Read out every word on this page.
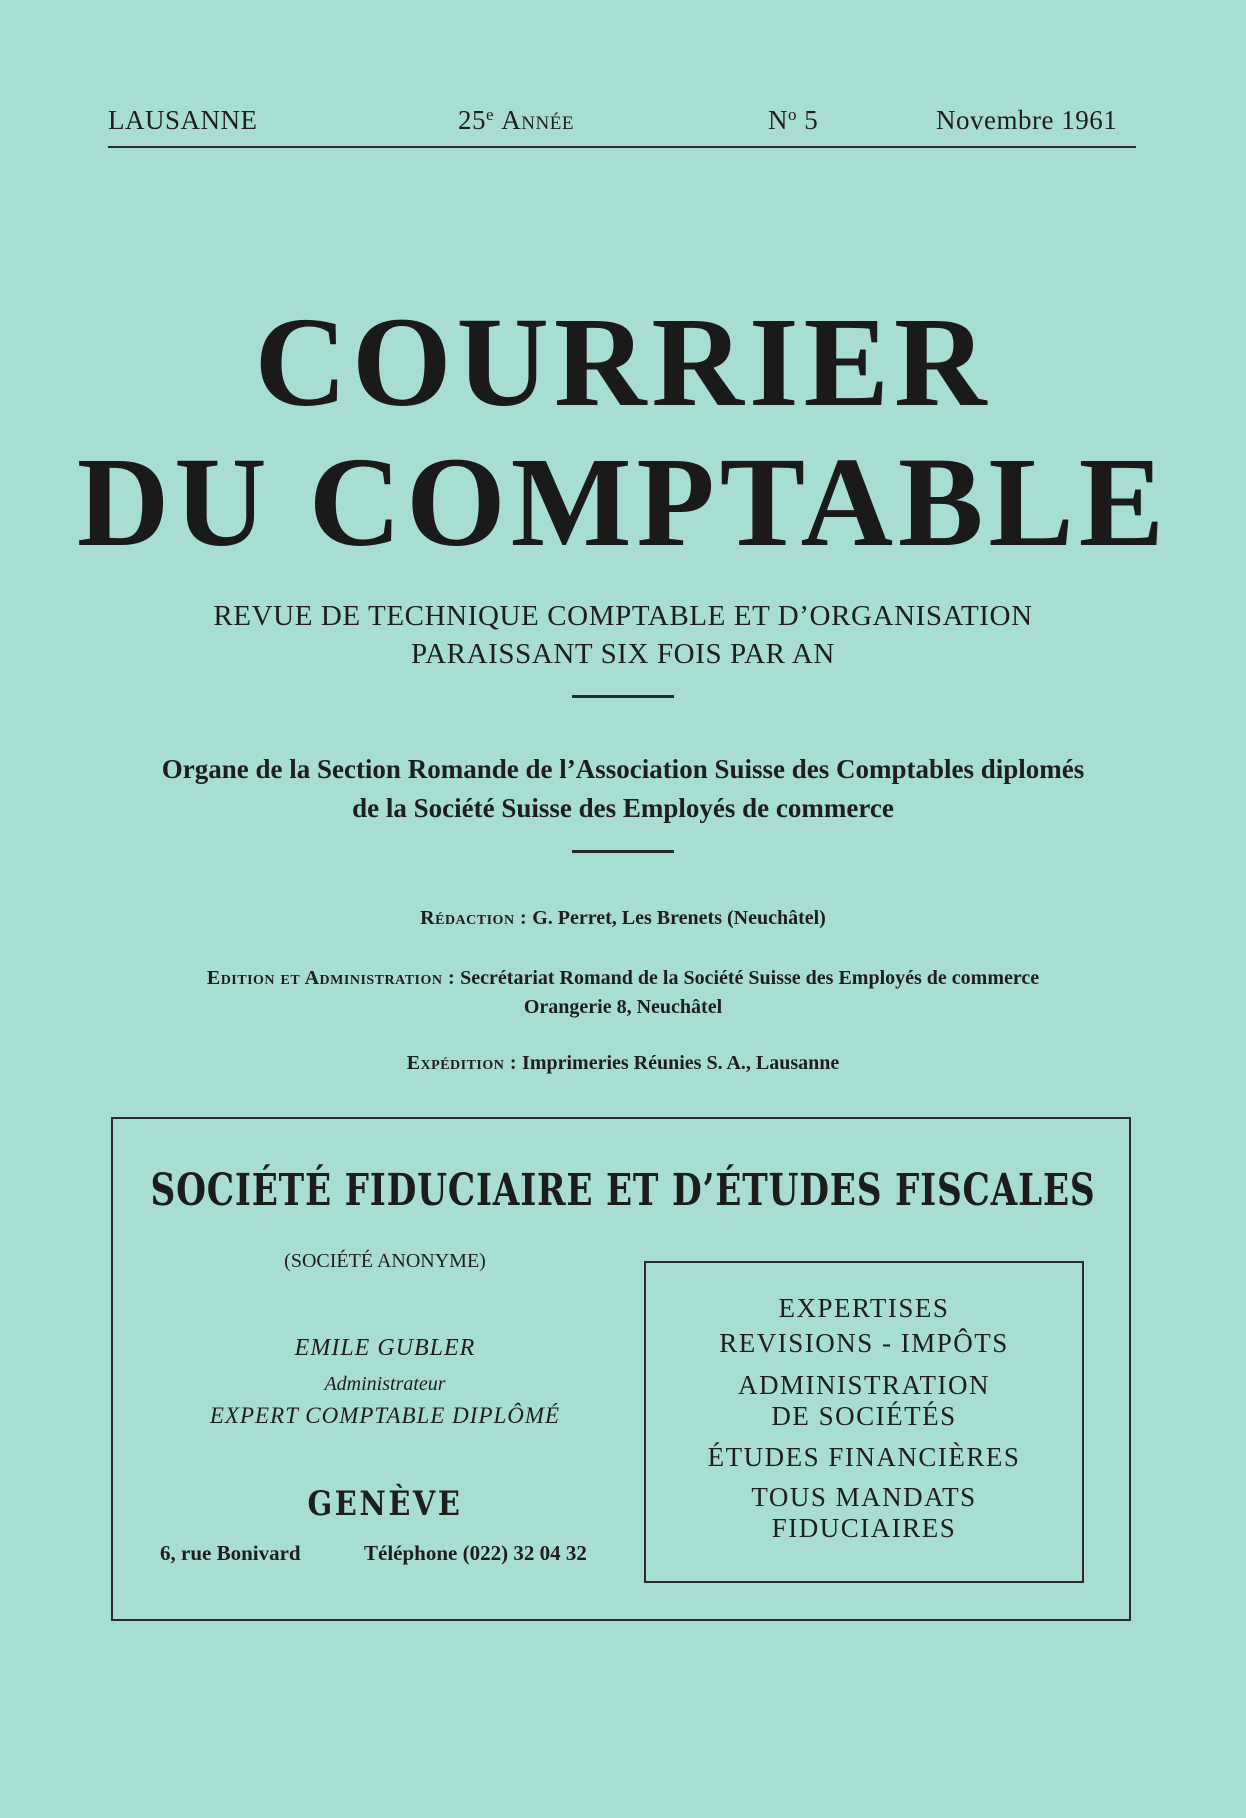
LAUSANNE	25e Année	$N^o$ 5	Novembre 1961
COURRIER
DU COMPTABLE
REVUE DE TECHNIQUE COMPTABLE ET D’ORGANISATION
PARAISSANT SIX FOIS PAR AN
Organe de la Section Romande de l’Association Suisse des Comptables diplomés
de la Société Suisse des Employés de commerce
Rédaction : G. Perret, Les Brenets (Neuchâtel)
Edition et Administration : Secrétariat Romand de la Société Suisse des Employés de commerce
Orangerie 8, Neuchâtel
Expédition : Imprimeries Réunies S. A., Lausanne
SOCIÉTÉ FIDUCIAIRE ET D’ÉTUDES FISCALES
(SOCIÉTÉ ANONYME)
EMILE GUBLER
Administrateur
EXPERT COMPTABLE DIPLÔMÉ
GENÈVE
6, rue Bonivard	Téléphone (022) 32 04 32
EXPERTISES
REVISIONS - IMPÔTS
ADMINISTRATION
DE SOCIÉTÉS
ÉTUDES FINANCIÈRES
TOUS MANDATS
FIDUCIAIRES
